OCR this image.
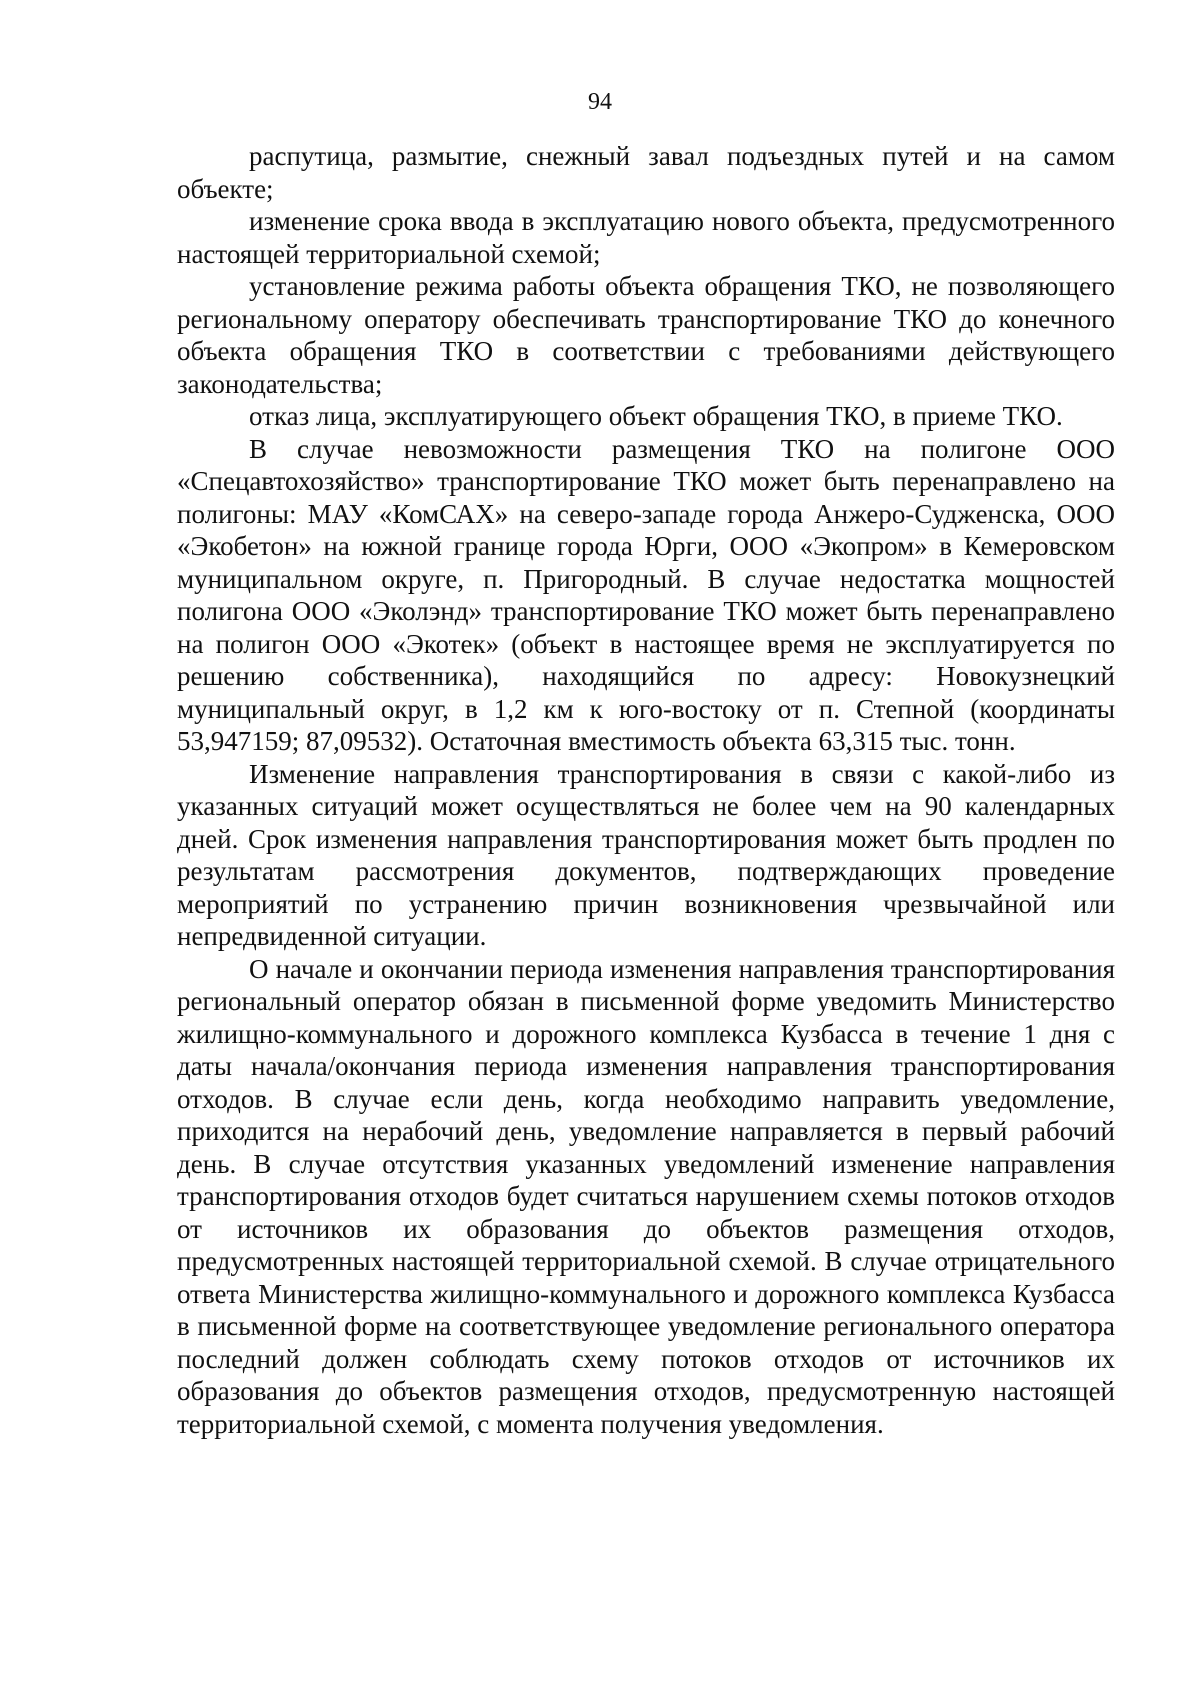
94

распутица, размытие, снежный завал подъездных путей и на самом объекте;

изменение срока ввода в эксплуатацию нового объекта, предусмотренного настоящей территориальной схемой;

установление режима работы объекта обращения ТКО, не позволяющего региональному оператору обеспечивать транспортирование ТКО до конечного объекта обращения ТКО в соответствии с требованиями действующего законодательства;

отказ лица, эксплуатирующего объект обращения ТКО, в приеме ТКО.

В случае невозможности размещения ТКО на полигоне ООО «Спецавтохозяйство» транспортирование ТКО может быть перенаправлено на полигоны: МАУ «КомСАХ» на северо-западе города Анжеро-Судженска, ООО «Экобетон» на южной границе города Юрги, ООО «Экопром» в Кемеровском муниципальном округе, п. Пригородный. В случае недостатка мощностей полигона ООО «Эколэнд» транспортирование ТКО может быть перенаправлено на полигон ООО «Экотек» (объект в настоящее время не эксплуатируется по решению собственника), находящийся по адресу: Новокузнецкий муниципальный округ, в 1,2 км к юго-востоку от п. Степной (координаты 53,947159; 87,09532). Остаточная вместимость объекта 63,315 тыс. тонн.

Изменение направления транспортирования в связи с какой-либо из указанных ситуаций может осуществляться не более чем на 90 календарных дней. Срок изменения направления транспортирования может быть продлен по результатам рассмотрения документов, подтверждающих проведение мероприятий по устранению причин возникновения чрезвычайной или непредвиденной ситуации.

О начале и окончании периода изменения направления транспортирования региональный оператор обязан в письменной форме уведомить Министерство жилищно-коммунального и дорожного комплекса Кузбасса в течение 1 дня с даты начала/окончания периода изменения направления транспортирования отходов. В случае если день, когда необходимо направить уведомление, приходится на нерабочий день, уведомление направляется в первый рабочий день. В случае отсутствия указанных уведомлений изменение направления транспортирования отходов будет считаться нарушением схемы потоков отходов от источников их образования до объектов размещения отходов, предусмотренных настоящей территориальной схемой. В случае отрицательного ответа Министерства жилищно-коммунального и дорожного комплекса Кузбасса в письменной форме на соответствующее уведомление регионального оператора последний должен соблюдать схему потоков отходов от источников их образования до объектов размещения отходов, предусмотренную настоящей территориальной схемой, с момента получения уведомления.
